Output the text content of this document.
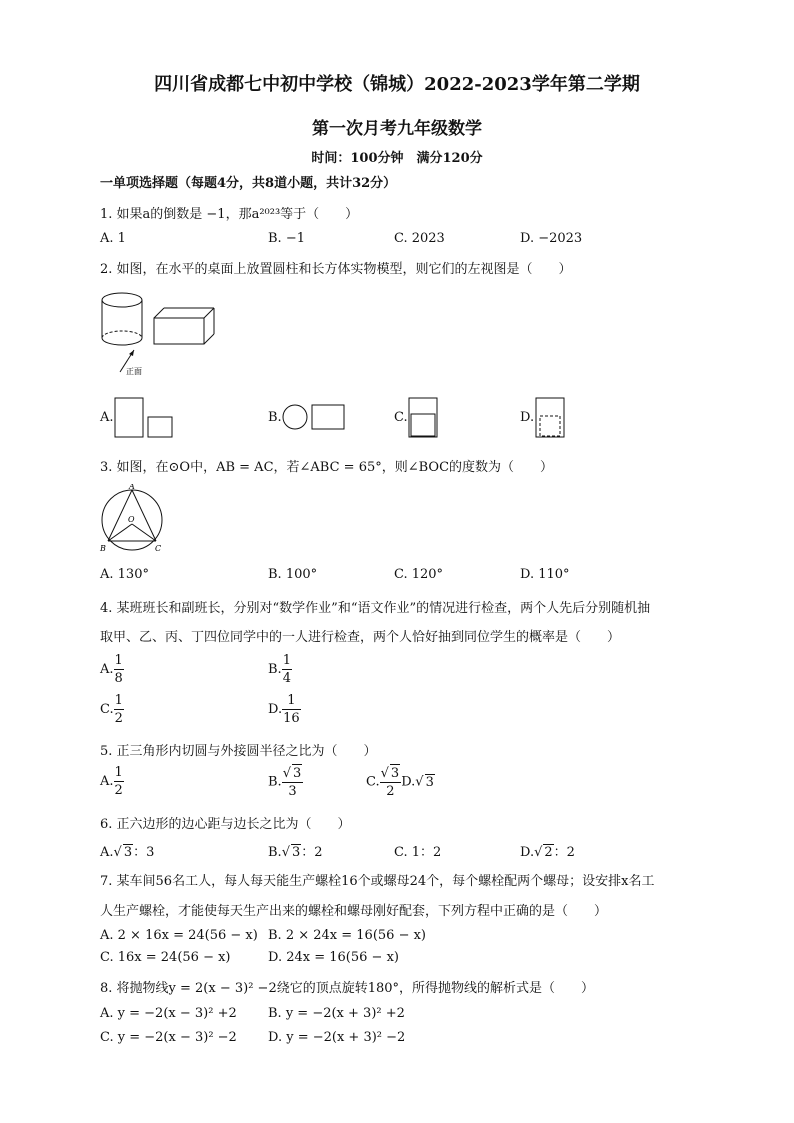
四川省成都七中初中学校（锦城）2022-2023学年第二学期
第一次月考九年级数学
时间：100分钟　满分120分
一单项选择题（每题4分，共8道小题，共计32分）
1. 如果a的倒数是 −1，那a²⁰²³等于（　　）
A. 1	B. −1	C. 2023	D. −2023
2. 如图，在水平的桌面上放置圆柱和长方体实物模型，则它们的左视图是（　　）
正面
A.	B.	C.	D.
3. 如图，在⊙O中，AB = AC，若∠ABC = 65°，则∠BOC的度数为（　　）
A
O
B	C
A. 130°	B. 100°	C. 120°	D. 110°
4. 某班班长和副班长，分别对“数学作业”和“语文作业”的情况进行检查，两个人先后分别随机抽
取甲、乙、丙、丁四位同学中的一人进行检查，两个人恰好抽到同位学生的概率是（　　）
A. $\frac{1}{8}$	B. $\frac{1}{4}$
C. $\frac{1}{2}$	D. $\frac{1}{16}$
5. 正三角形内切圆与外接圆半径之比为（　　）
A. $\frac{1}{2}$	B. $\frac{√ 3}{3}$	C. $\frac{√ 3}{2} D.√$ 3
6. 正六边形的边心距与边长之比为（　　）
A.√ 3：3	B.√ 3：2	C. 1：2	D.√ 2：2
7. 某车间56名工人，每人每天能生产螺栓16个或螺母24个，每个螺栓配两个螺母；设安排x名工
人生产螺栓，才能使每天生产出来的螺栓和螺母刚好配套，下列方程中正确的是（　　）
A. 2 × 16x = 24(56 − x) B. 2 × 24x = 16(56 − x)
C. 16x = 24(56 − x)	D. 24x = 16(56 − x)
8. 将抛物线y = 2(x − 3)² −2绕它的顶点旋转180°，所得抛物线的解析式是（　　）
A. y = −2(x − 3)² +2 B. y = −2(x + 3)² +2
C. y = −2(x − 3)² −2 D. y = −2(x + 3)² −2
